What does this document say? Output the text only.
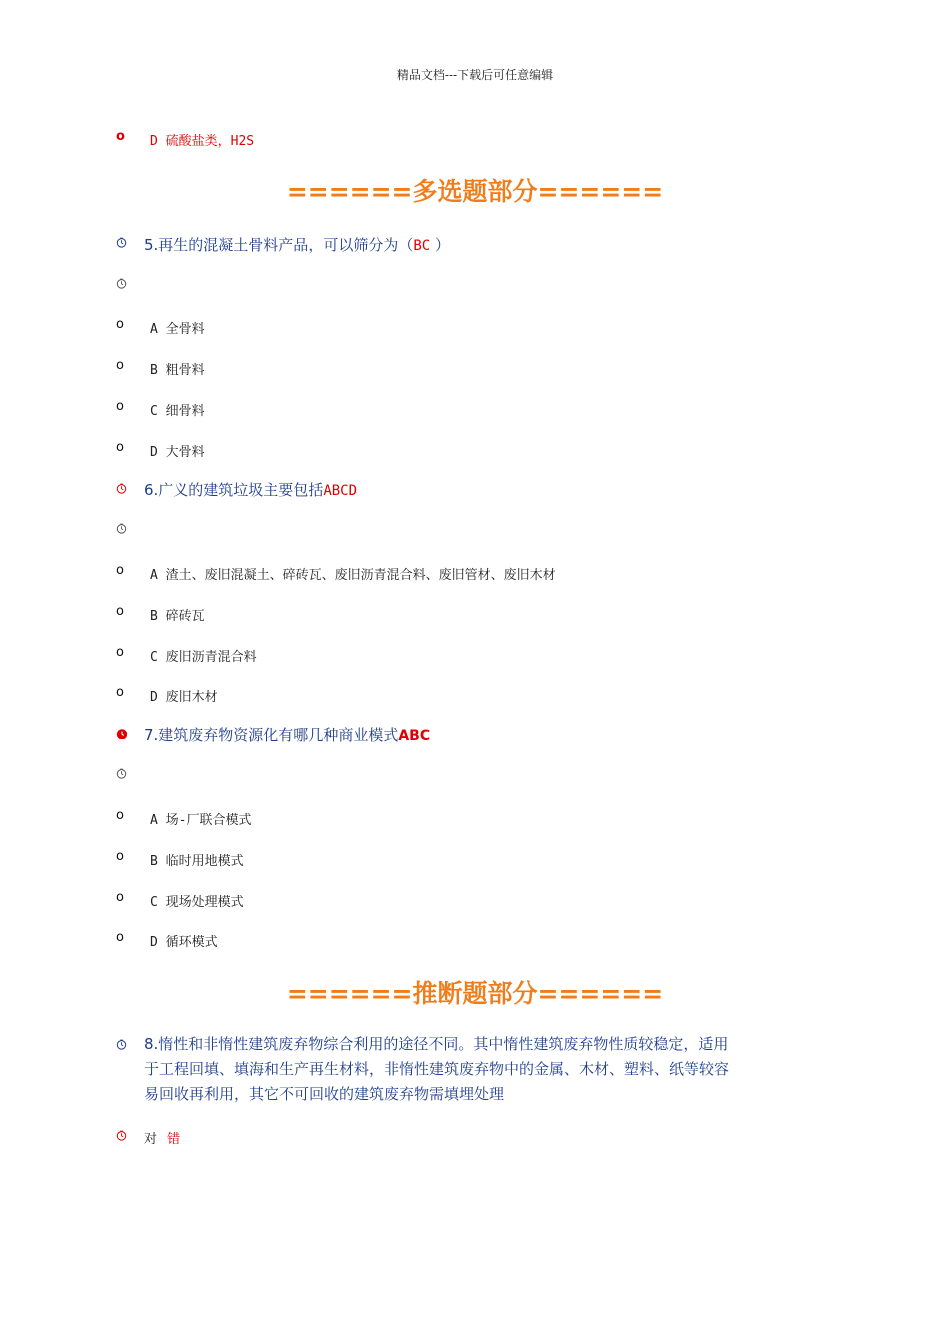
精品文档---下载后可任意编辑
o D 硫酸盐类，H2S
======多选题部分======
5.再生的混凝土骨料产品，可以筛分为（BC ）
o A 全骨料
o B 粗骨料
o C 细骨料
o D 大骨料
6.广义的建筑垃圾主要包括ABCD
o A 渣土、废旧混凝土、碎砖瓦、废旧沥青混合料、废旧管材、废旧木材
o B 碎砖瓦
o C 废旧沥青混合料
o D 废旧木材
7.建筑废弃物资源化有哪几种商业模式ABC
o A 场-厂联合模式
o B 临时用地模式
o C 现场处理模式
o D 循环模式
======推断题部分======
8.惰性和非惰性建筑废弃物综合利用的途径不同。其中惰性建筑废弃物性质较稳定，适用
于工程回填、填海和生产再生材料，非惰性建筑废弃物中的金属、木材、塑料、纸等较容
易回收再利用，其它不可回收的建筑废弃物需填埋处理
对 错
